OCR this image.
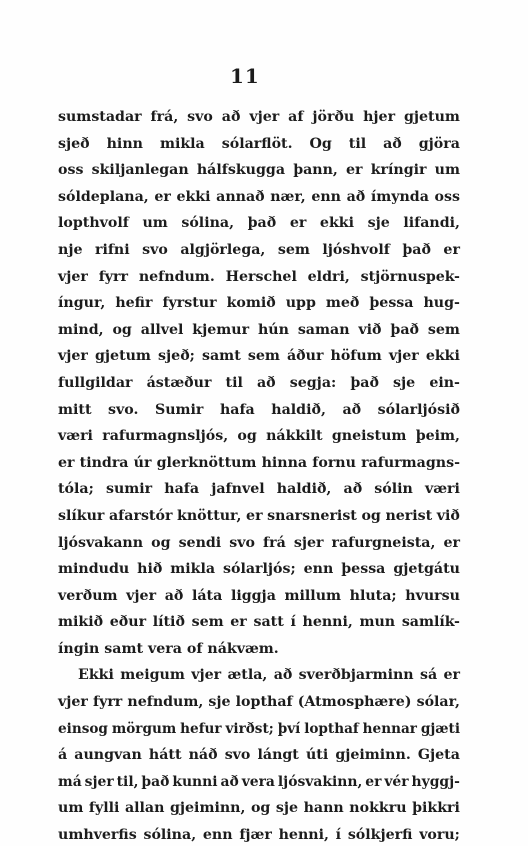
11
sumstadar frá, svo að vjer af jörðu hjer gjetum
sjeð hinn mikla sólarflöt. Og til að gjöra
oss skiljanlegan hálfskugga þann, er kríngir um
sóldeplana, er ekki annað nær, enn að ímynda oss
lopthvolf um sólina, það er ekki sje lifandi,
nje rifni svo algjörlega, sem ljóshvolf það er
vjer fyrr nefndum. Herschel eldri, stjörnuspek-
íngur, hefir fyrstur komið upp með þessa hug-
mind, og allvel kjemur hún saman við það sem
vjer gjetum sjeð; samt sem áður höfum vjer ekki
fullgildar ástæður til að segja: það sje ein-
mitt svo. Sumir hafa haldið, að sólarljósið
væri rafurmagnsljós, og nákkilt gneistum þeim,
er tindra úr glerknöttum hinna fornu rafurmagns-
tóla; sumir hafa jafnvel haldið, að sólin væri
slíkur afarstór knöttur, er snarsnerist og nerist við
ljósvakann og sendi svo frá sjer rafurgneista, er
mindudu hið mikla sólarljós; enn þessa gjetgátu
verðum vjer að láta liggja millum hluta; hvursu
mikið eður lítið sem er satt í henni, mun samlík-
íngin samt vera of nákvæm.
Ekki meigum vjer ætla, að sverðbjarminn sá er
vjer fyrr nefndum, sje lopthaf (Atmosphære) sólar,
einsog mörgum hefur virðst; því lopthaf hennar gjæti
á aungvan hátt náð svo lángt úti gjeiminn. Gjeta
má sjer til, það kunni að vera ljósvakinn, er vér hyggj-
um fylli allan gjeiminn, og sje hann nokkru þikkri
umhverfis sólina, enn fjær henni, í sólkjerfi voru;
